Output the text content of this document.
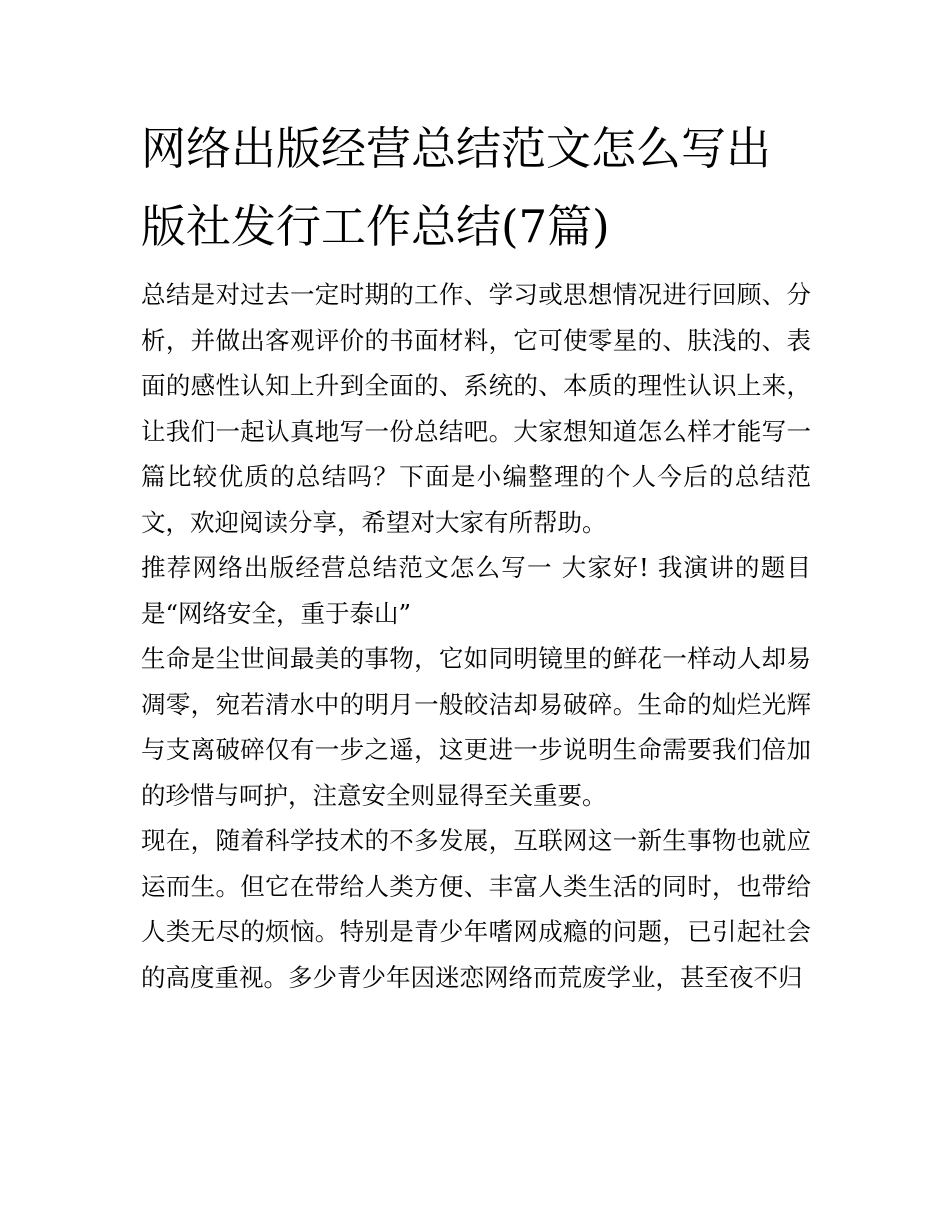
网络出版经营总结范文怎么写出版社发行工作总结(7篇)

总结是对过去一定时期的工作、学习或思想情况进行回顾、分析，并做出客观评价的书面材料，它可使零星的、肤浅的、表面的感性认知上升到全面的、系统的、本质的理性认识上来，让我们一起认真地写一份总结吧。大家想知道怎么样才能写一篇比较优质的总结吗？下面是小编整理的个人今后的总结范文，欢迎阅读分享，希望对大家有所帮助。

推荐网络出版经营总结范文怎么写一 大家好! 我演讲的题目是“网络安全，重于泰山”

生命是尘世间最美的事物，它如同明镜里的鲜花一样动人却易凋零，宛若清水中的明月一般皎洁却易破碎。生命的灿烂光辉与支离破碎仅有一步之遥，这更进一步说明生命需要我们倍加的珍惜与呵护，注意安全则显得至关重要。

现在，随着科学技术的不多发展，互联网这一新生事物也就应运而生。但它在带给人类方便、丰富人类生活的同时，也带给人类无尽的烦恼。特别是青少年嗜网成瘾的问题，已引起社会的高度重视。多少青少年因迷恋网络而荒废学业，甚至夜不归
